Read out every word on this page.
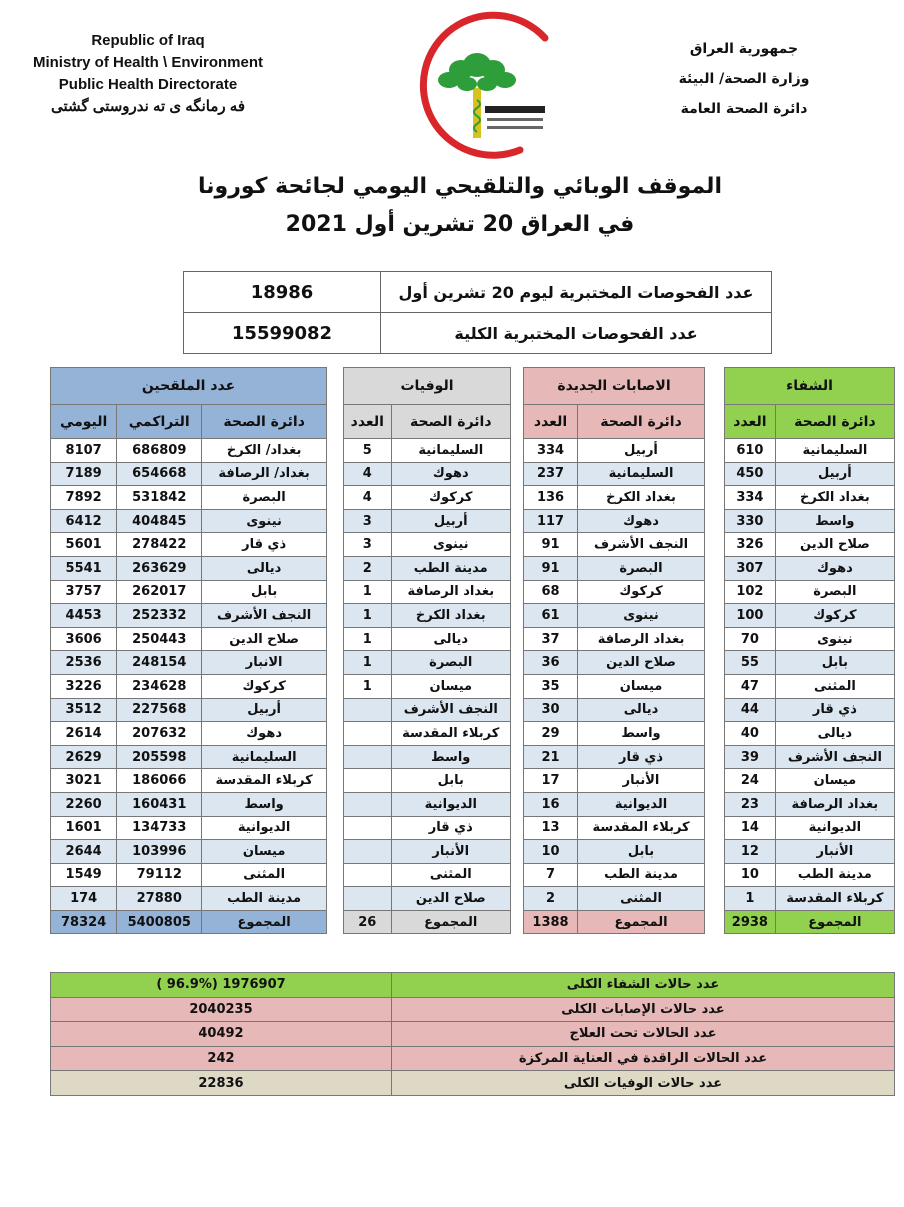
Republic of Iraq
Ministry of Health \ Environment
Public Health Directorate
فه رمانگه ی ته ندروستی گشتی
جمهورية العراق
وزارة الصحة/ البيئة
دائرة الصحة العامة
الموقف الوبائي والتلقيحي اليومي لجائحة كورونا
في العراق 20 تشرين أول 2021
عدد الفحوصات المختبرية ليوم 20 تشرين أول	18986
عدد الفحوصات المختبرية الكلية	15599082
الشفاء	
دائرة الصحة	العدد
السليمانية	610
أربيل	450
بغداد الكرخ	334
واسط	330
صلاح الدين	326
دهوك	307
البصرة	102
كركوك	100
نينوى	70
بابل	55
المثنى	47
ذي قار	44
ديالى	40
النجف الأشرف	39
ميسان	24
بغداد الرصافة	23
الديوانية	14
الأنبار	12
مدينة الطب	10
كربلاء المقدسة	1
المجموع	2938
الاصابات الجديدة	
دائرة الصحة	العدد
أربيل	334
السليمانية	237
بغداد الكرخ	136
دهوك	117
النجف الأشرف	91
البصرة	91
كركوك	68
نينوى	61
بغداد الرصافة	37
صلاح الدين	36
ميسان	35
ديالى	30
واسط	29
ذي قار	21
الأنبار	17
الديوانية	16
كربلاء المقدسة	13
بابل	10
مدينة الطب	7
المثنى	2
المجموع	1388
الوفيات	
دائرة الصحة	العدد
السليمانية	5
دهوك	4
كركوك	4
أربيل	3
نينوى	3
مدينة الطب	2
بغداد الرصافة	1
بغداد الكرخ	1
ديالى	1
البصرة	1
ميسان	1
النجف الأشرف	
كربلاء المقدسة	
واسط	
بابل	
الديوانية	
ذي قار	
الأنبار	
المثنى	
صلاح الدين	
المجموع	26
عدد الملقحين		
دائرة الصحة	التراكمي	اليومي
بغداد/ الكرخ	686809	8107
بغداد/ الرصافة	654668	7189
البصرة	531842	7892
نينوى	404845	6412
ذي قار	278422	5601
ديالى	263629	5541
بابل	262017	3757
النجف الأشرف	252332	4453
صلاح الدين	250443	3606
الانبار	248154	2536
كركوك	234628	3226
أربيل	227568	3512
دهوك	207632	2614
السليمانية	205598	2629
كربلاء المقدسة	186066	3021
واسط	160431	2260
الديوانية	134733	1601
ميسان	103996	2644
المثنى	79112	1549
مدينة الطب	27880	174
المجموع	5400805	78324
عدد حالات الشفاء الكلى	( 96.9%) 1976907
عدد حالات الإصابات الكلى	2040235
عدد الحالات تحت العلاج	40492
عدد الحالات الراقدة في العناية المركزة	242
عدد حالات الوفيات الكلى	22836
